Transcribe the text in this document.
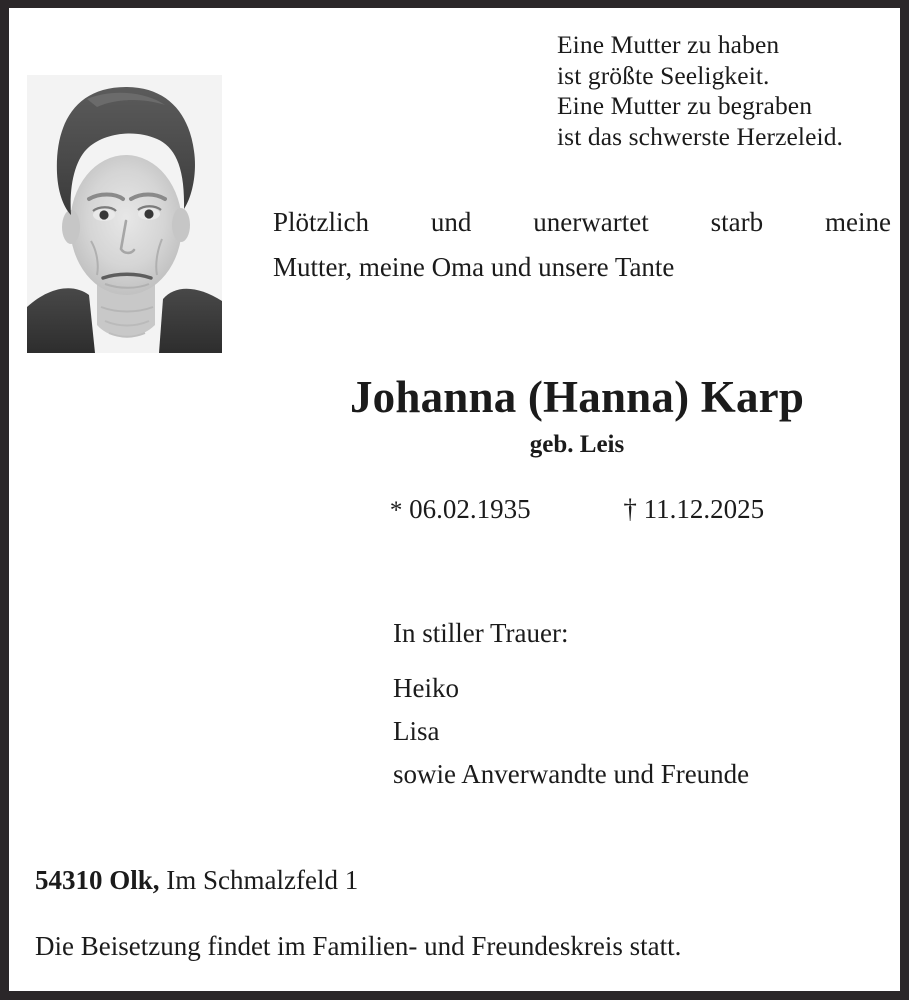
Eine Mutter zu haben
ist größte Seeligkeit.
Eine Mutter zu begraben
ist das schwerste Herzeleid.
Plötzlich und unerwartet starb meine
Mutter, meine Oma und unsere Tante
Johanna (Hanna) Karp
geb. Leis
* 06.02.1935	† 11.12.2025
In stiller Trauer:
Heiko
Lisa
sowie Anverwandte und Freunde
54310 Olk, Im Schmalzfeld 1
Die Beisetzung findet im Familien- und Freundeskreis statt.
